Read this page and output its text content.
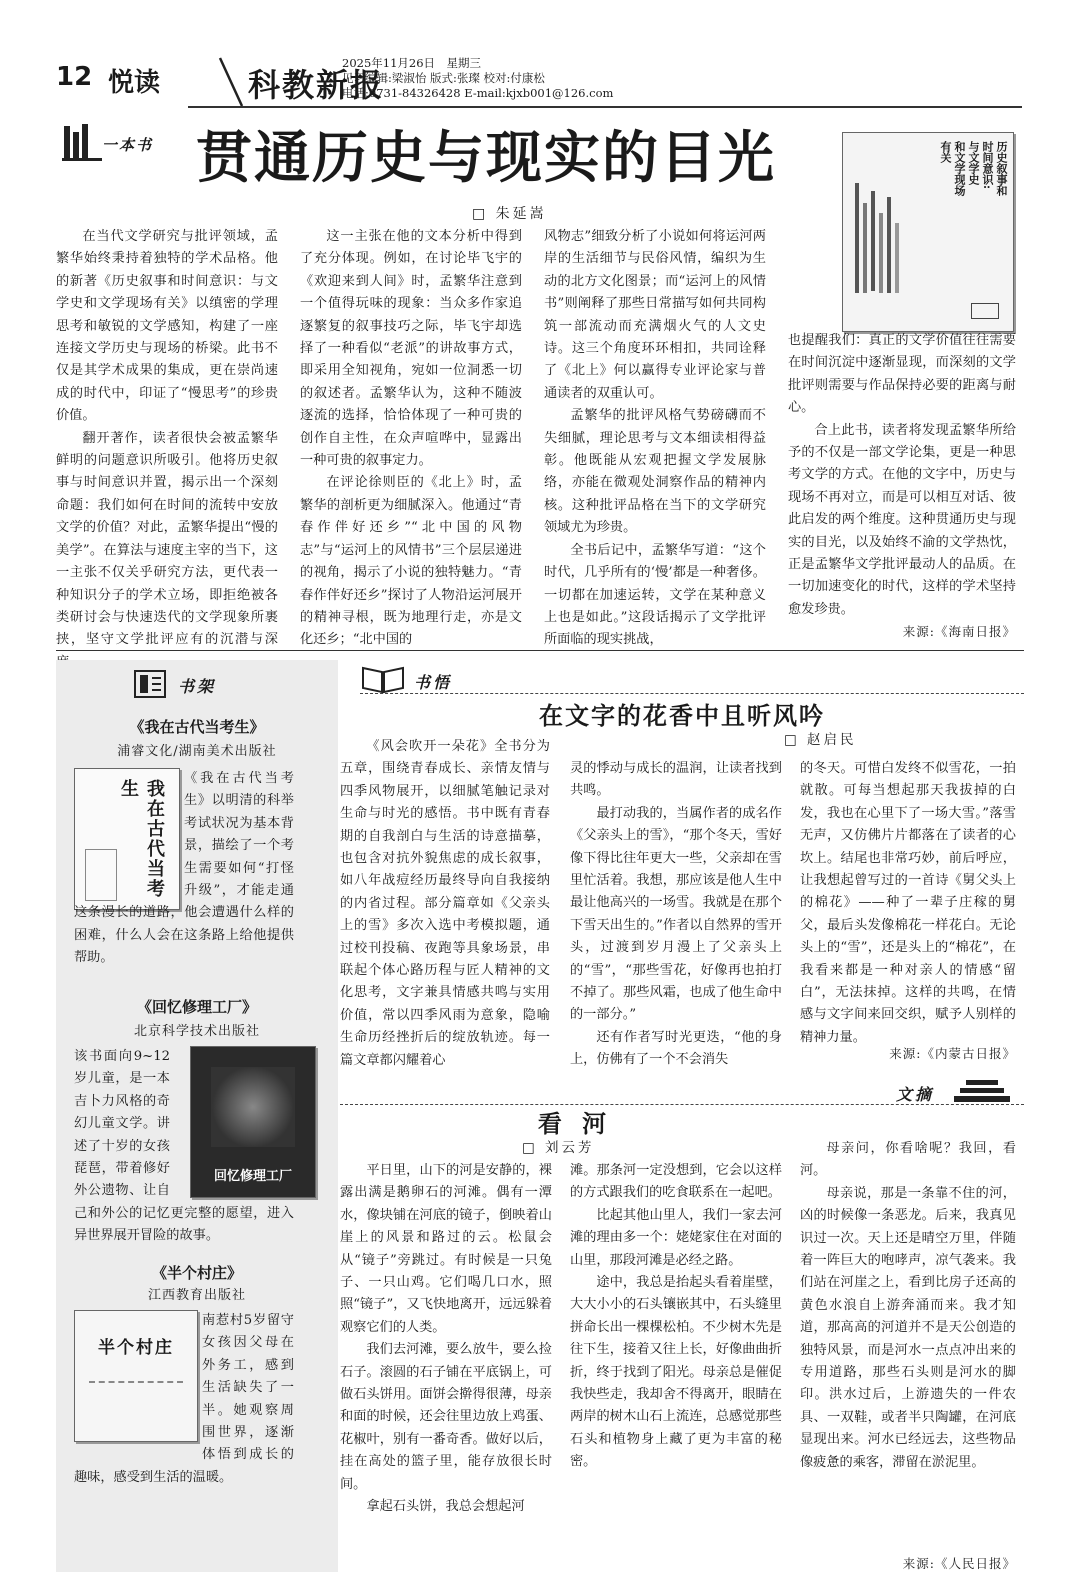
12 悦读	科教新报
2025年11月26日　星期三
见习编辑:梁淑怡 版式:张璨 校对:付康松
电话:0731-84326428 E-mail:kjxb001@126.com
一本书 贯通历史与现实的目光
□ 朱延嵩
历史叙事和
时间意识:
与文学史
和文学现场
有关

在当代文学研究与批评领域，孟繁华始终秉持着独特的学术品格。他的新著《历史叙事和时间意识：与文学史和文学现场有关》以缜密的学理思考和敏锐的文学感知，构建了一座连接文学历史与现场的桥梁。此书不仅是其学术成果的集成，更在崇尚速成的时代中，印证了“慢思考”的珍贵价值。

翻开著作，读者很快会被孟繁华鲜明的问题意识所吸引。他将历史叙事与时间意识并置，揭示出一个深刻命题：我们如何在时间的流转中安放文学的价值？对此，孟繁华提出“慢的美学”。在算法与速度主宰的当下，这一主张不仅关乎研究方法，更代表一种知识分子的学术立场，即拒绝被各类研讨会与快速迭代的文学现象所裹挟，坚守文学批评应有的沉潜与深

这一主张在他的文本分析中得到了充分体现。例如，在讨论毕飞宇的《欢迎来到人间》时，孟繁华注意到一个值得玩味的现象：当众多作家追逐繁复的叙事技巧之际，毕飞宇却选择了一种看似“老派”的讲故事方式，即采用全知视角，宛如一位洞悉一切的叙述者。孟繁华认为，这种不随波逐流的选择，恰恰体现了一种可贵的创作自主性，在众声喧哗中，显露出一种可贵的叙事定力。

在评论徐则臣的《北上》时，孟繁华的剖析更为细腻深入。他通过“青春作伴好还乡”“北中国的风物志”与“运河上的风情书”三个层层递进的视角，揭示了小说的独特魅力。“青春作伴好还乡”探讨了人物沿运河展开的精神寻根，既为地理行走，亦是文化还乡；“北中国的

风物志”细致分析了小说如何将运河两岸的生活细节与民俗风情，编织为生动的北方文化图景；而“运河上的风情书”则阐释了那些日常描写如何共同构筑一部流动而充满烟火气的人文史诗。这三个角度环环相扣，共同诠释了《北上》何以赢得专业评论家与普通读者的双重认可。

孟繁华的批评风格气势磅礴而不失细腻，理论思考与文本细读相得益彰。他既能从宏观把握文学发展脉络，亦能在微观处洞察作品的精神内核。这种批评品格在当下的文学研究领域尤为珍贵。

全书后记中，孟繁华写道：“这个时代，几乎所有的‘慢’都是一种奢侈。一切都在加速运转，文学在某种意义上也是如此。”这段话揭示了文学批评所面临的现实挑战，

也提醒我们：真正的文学价值往往需要在时间沉淀中逐渐显现，而深刻的文学批评则需要与作品保持必要的距离与耐心。

合上此书，读者将发现孟繁华所给予的不仅是一部文学论集，更是一种思考文学的方式。在他的文字中，历史与现场不再对立，而是可以相互对话、彼此启发的两个维度。这种贯通历史与现实的目光，以及始终不渝的文学热忱，正是孟繁华文学批评最动人的品质。在一切加速变化的时代，这样的学术坚持愈发珍贵。

来源:《海南日报》
书架
《我在古代当考生》
浦睿文化/湖南美术出版社
我在古代当考生

《我在古代当考生》以明清的科举考试状况为基本背景，描绘了一个考生需要如何“打怪升级”，才能走通这条漫长的道路，他会遭遇什么样的困难，什么人会在这条路上给他提供帮助。

《回忆修理工厂》
北京科学技术出版社
回忆修理工厂

该书面向9~12岁儿童，是一本吉卜力风格的奇幻儿童文学。讲述了十岁的女孩琵琶，带着修好外公遗物、让自己和外公的记忆更完整的愿望，进入异世界展开冒险的故事。

《半个村庄》
江西教育出版社
半个村庄

南惹村5岁留守女孩因父母在外务工，感到生活缺失了一半。她观察周围世界，逐渐体悟到成长的趣味，感受到生活的温暖。

书悟
在文字的花香中且听风吟
□ 赵启民

《风会吹开一朵花》全书分为五章，围绕青春成长、亲情友情与四季风物展开，以细腻笔触记录对生命与时光的感悟。书中既有青春期的自我剖白与生活的诗意描摹，也包含对抗外貌焦虑的成长叙事，如八年战痘经历最终导向自我接纳的内省过程。部分篇章如《父亲头上的雪》多次入选中考模拟题，通过校刊投稿、夜跑等具象场景，串联起个体心路历程与匠人精神的文化思考，文字兼具情感共鸣与实用价值，常以四季风雨为意象，隐喻生命历经挫折后的绽放轨迹。每一篇文章都闪耀着心

灵的悸动与成长的温润，让读者找到共鸣。

最打动我的，当属作者的成名作《父亲头上的雪》，“那个冬天，雪好像下得比往年更大一些，父亲却在雪里忙活着。我想，那应该是他人生中最让他高兴的一场雪。我就是在那个下雪天出生的。”作者以自然界的雪开头，过渡到岁月漫上了父亲头上的“雪”，“那些雪花，好像再也拍打不掉了。那些风霜，也成了他生命中的一部分。”

还有作者写时光更迭，“他的身上，仿佛有了一个不会消失

的冬天。可惜白发终不似雪花，一拍就散。可每当想起那天我拔掉的白发，我也在心里下了一场大雪。”落雪无声，又仿佛片片都落在了读者的心坎上。结尾也非常巧妙，前后呼应，让我想起曾写过的一首诗《舅父头上的棉花》——种了一辈子庄稼的舅父，最后头发像棉花一样花白。无论头上的“雪”，还是头上的“棉花”，在我看来都是一种对亲人的情感“留白”，无法抹掉。这样的共鸣，在情感与文字间来回交织，赋予人别样的精神力量。

来源:《内蒙古日报》
文摘
看 河
□ 刘云芳

平日里，山下的河是安静的，裸露出满是鹅卵石的河滩。偶有一潭水，像块铺在河底的镜子，倒映着山崖上的风景和路过的云。松鼠会从“镜子”旁跳过。有时候是一只兔子、一只山鸡。它们喝几口水，照照“镜子”，又飞快地离开，远远躲着观察它们的人类。

我们去河滩，要么放牛，要么捡石子。滚圆的石子铺在平底锅上，可做石头饼用。面饼会擀得很薄，母亲和面的时候，还会往里边放上鸡蛋、花椒叶，别有一番奇香。做好以后，挂在高处的篮子里，能存放很长时间。

拿起石头饼，我总会想起河

滩。那条河一定没想到，它会以这样的方式跟我们的吃食联系在一起吧。

比起其他山里人，我们一家去河滩的理由多一个：姥姥家住在对面的山里，那段河滩是必经之路。

途中，我总是抬起头看着崖壁，大大小小的石头镶嵌其中，石头缝里拼命长出一棵棵松柏。不少树木先是往下生，接着又往上长，好像曲曲折折，终于找到了阳光。母亲总是催促我快些走，我却舍不得离开，眼睛在两岸的树木山石上流连，总感觉那些石头和植物身上藏了更为丰富的秘密。

母亲问，你看啥呢？我回，看河。

母亲说，那是一条靠不住的河，凶的时候像一条恶龙。后来，我真见识过一次。天上还是晴空万里，伴随着一阵巨大的咆哮声，凉气袭来。我们站在河崖之上，看到比房子还高的黄色水浪自上游奔涌而来。我才知道，那高高的河道并不是天公创造的独特风景，而是河水一点点冲出来的专用道路，那些石头则是河水的脚印。洪水过后，上游遗失的一件农具、一双鞋，或者半只陶罐，在河底显现出来。河水已经远去，这些物品像疲惫的乘客，滞留在淤泥里。

来源:《人民日报》
